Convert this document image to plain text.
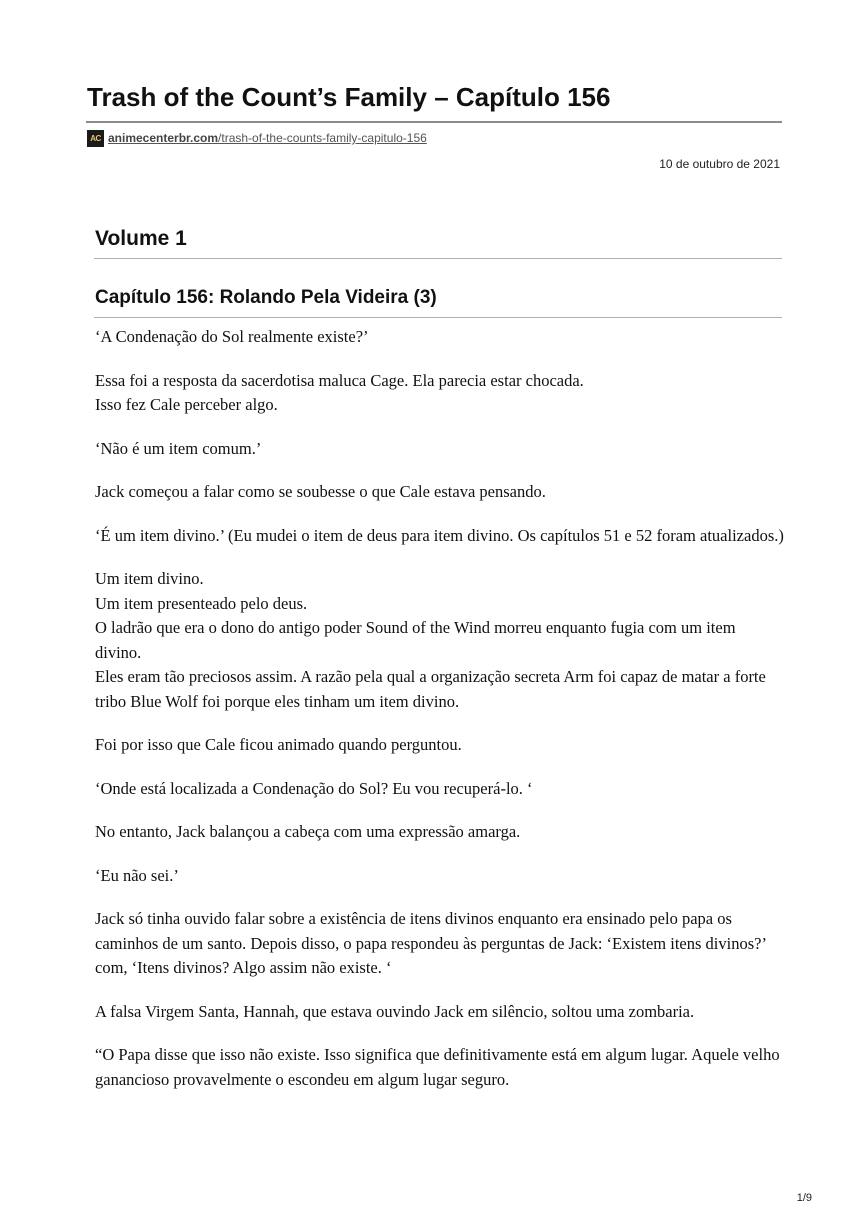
Trash of the Count’s Family – Capítulo 156
AC animecenterbr.com/trash-of-the-counts-family-capitulo-156
10 de outubro de 2021
Volume 1
Capítulo 156: Rolando Pela Videira (3)

‘A Condenação do Sol realmente existe?’

Essa foi a resposta da sacerdotisa maluca Cage. Ela parecia estar chocada.
Isso fez Cale perceber algo.

‘Não é um item comum.’

Jack começou a falar como se soubesse o que Cale estava pensando.

‘É um item divino.’ (Eu mudei o item de deus para item divino. Os capítulos 51 e 52 foram atualizados.)

Um item divino.
Um item presenteado pelo deus.
O ladrão que era o dono do antigo poder Sound of the Wind morreu enquanto fugia com um item divino.
Eles eram tão preciosos assim. A razão pela qual a organização secreta Arm foi capaz de matar a forte tribo Blue Wolf foi porque eles tinham um item divino.

Foi por isso que Cale ficou animado quando perguntou.

‘Onde está localizada a Condenação do Sol? Eu vou recuperá-lo. ‘

No entanto, Jack balançou a cabeça com uma expressão amarga.

‘Eu não sei.’

Jack só tinha ouvido falar sobre a existência de itens divinos enquanto era ensinado pelo papa os caminhos de um santo. Depois disso, o papa respondeu às perguntas de Jack: ‘Existem itens divinos?’ com, ‘Itens divinos? Algo assim não existe. ‘

A falsa Virgem Santa, Hannah, que estava ouvindo Jack em silêncio, soltou uma zombaria.

“O Papa disse que isso não existe. Isso significa que definitivamente está em algum lugar. Aquele velho ganancioso provavelmente o escondeu em algum lugar seguro.

1/9
